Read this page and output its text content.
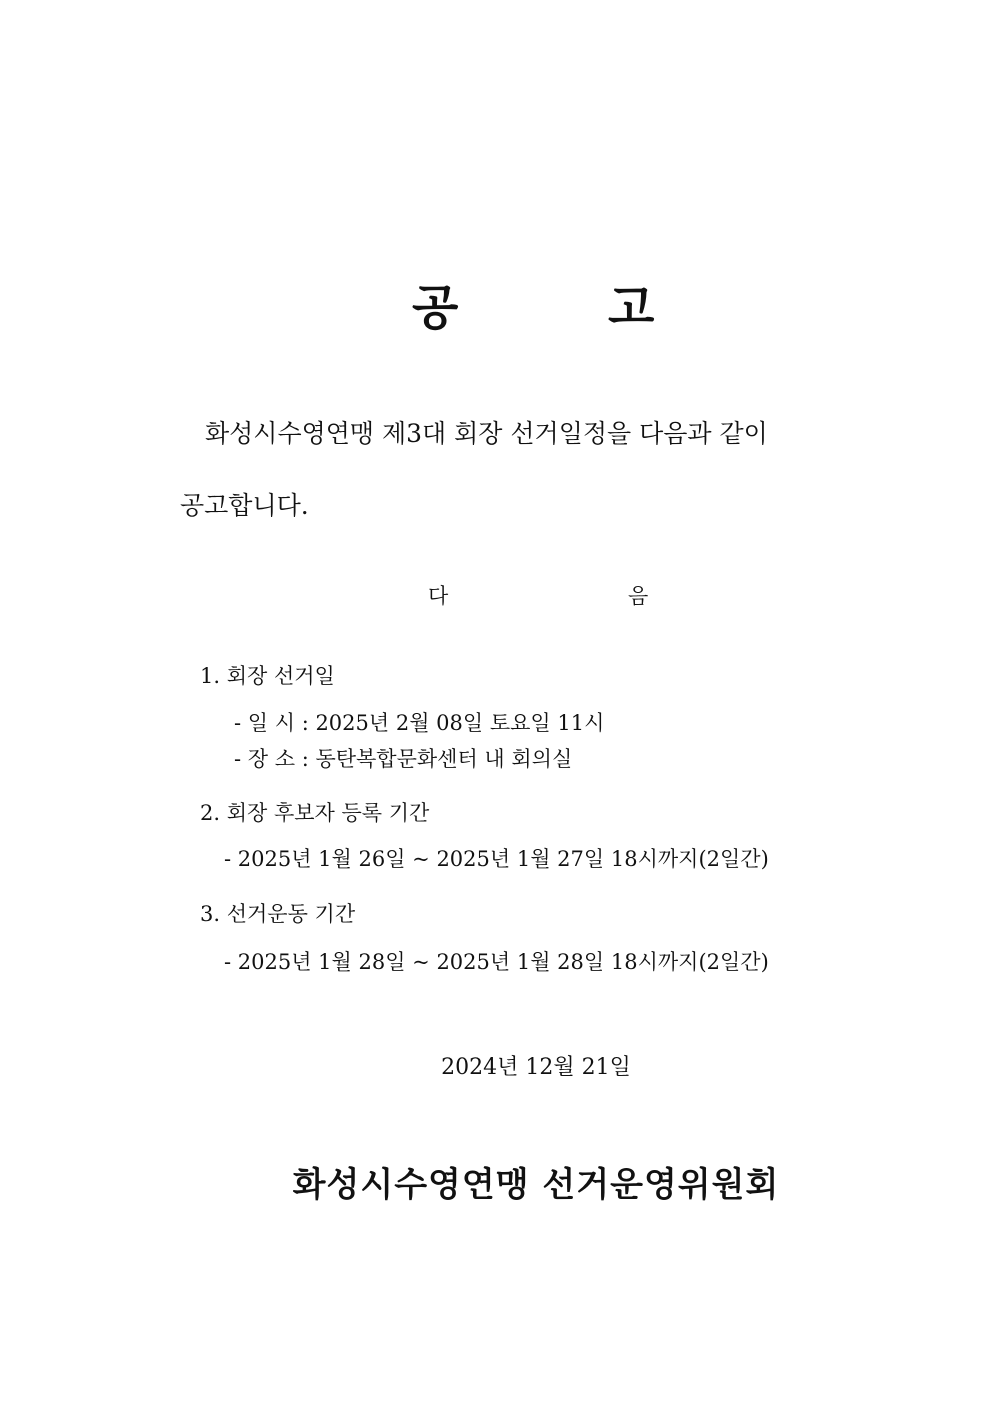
공	고
화성시수영연맹 제3대 회장 선거일정을 다음과 같이
공고합니다.
다	음
1. 회장 선거일
- 일 시 : 2025년 2월 08일 토요일 11시
- 장 소 : 동탄복합문화센터 내 회의실
2. 회장 후보자 등록 기간
- 2025년 1월 26일 ~ 2025년 1월 27일 18시까지(2일간)
3. 선거운동 기간
- 2025년 1월 28일 ~ 2025년 1월 28일 18시까지(2일간)
2024년 12월 21일
화성시수영연맹 선거운영위원회
